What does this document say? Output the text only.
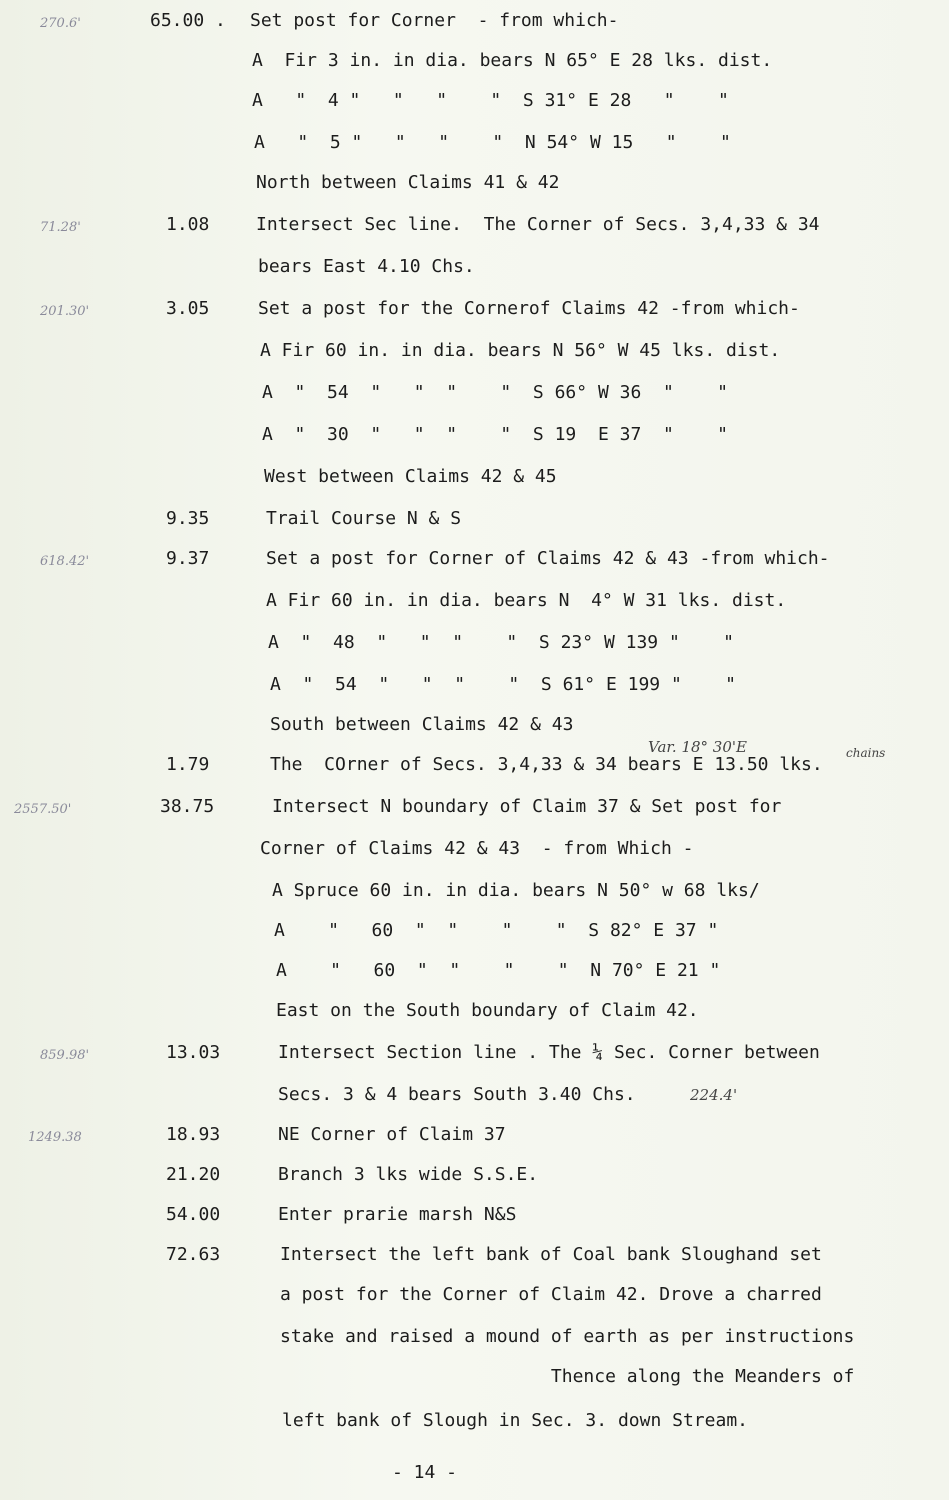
Var. 18° 30'E	chains
224.4'
270.6'	65.00 . Set post for Corner  - from which-
A  Fir 3 in. in dia. bears N 65° E 28 lks. dist.
A   "  4 "   "   "    "  S 31° E 28   "    "
A   "  5 "   "   "    "  N 54° W 15   "    "
North between Claims 41 & 42
71.28'	1.08	Intersect Sec line.  The Corner of Secs. 3,4,33 & 34
bears East 4.10 Chs.
201.30'	3.05	Set a post for the Cornerof Claims 42 -from which-
A Fir 60 in. in dia. bears N 56° W 45 lks. dist.
A  "  54  "   "  "    "  S 66° W 36  "    "
A  "  30  "   "  "    "  S 19  E 37  "    "
West between Claims 42 & 45
9.35	Trail Course N & S
618.42'	9.37	Set a post for Corner of Claims 42 & 43 -from which-
A Fir 60 in. in dia. bears N  4° W 31 lks. dist.
A  "  48  "   "  "    "  S 23° W 139 "    "
A  "  54  "   "  "    "  S 61° E 199 "    "
South between Claims 42 & 43
1.79	The  COrner of Secs. 3,4,33 & 34 bears E 13.50 lks.
2557.50'	38.75	Intersect N boundary of Claim 37 & Set post for
Corner of Claims 42 & 43  - from Which -
A Spruce 60 in. in dia. bears N 50° w 68 lks/
A    "   60  "  "    "    "  S 82° E 37 "
A    "   60  "  "    "    "  N 70° E 21 "
East on the South boundary of Claim 42.
859.98'	13.03	Intersect Section line . The ¼ Sec. Corner between
Secs. 3 & 4 bears South 3.40 Chs.
1249.38	18.93	NE Corner of Claim 37
21.20	Branch 3 lks wide S.S.E.
54.00	Enter prarie marsh N&S
72.63	Intersect the left bank of Coal bank Sloughand set
a post for the Corner of Claim 42. Drove a charred
stake and raised a mound of earth as per instructions
Thence along the Meanders of
left bank of Slough in Sec. 3. down Stream.
- 14 -
